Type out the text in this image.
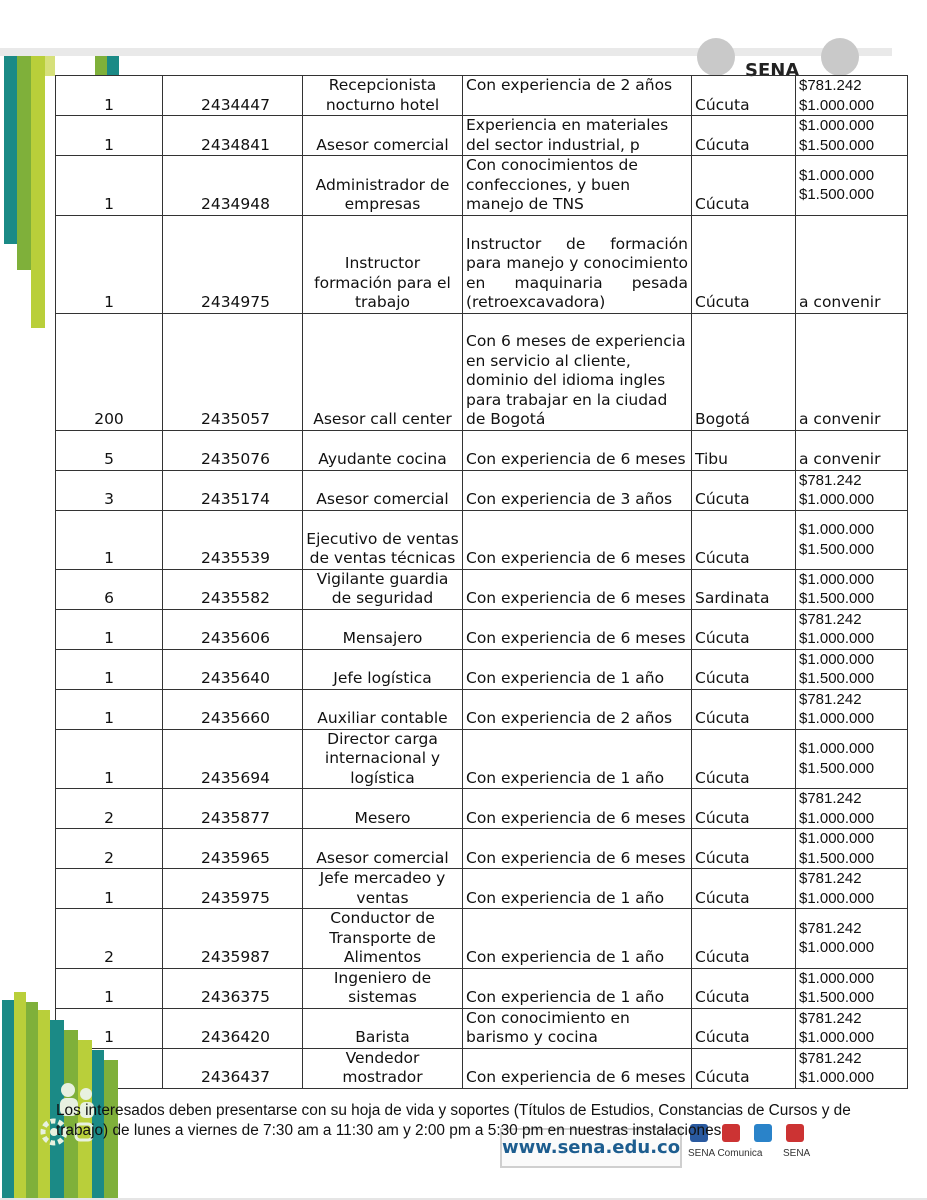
SENA
1	2434447	Recepcionista nocturno hotel	Con experiencia de 2 años	Cúcuta	$781.242
$1.000.000

1	2434841	Asesor comercial	Experiencia en materiales del sector industrial, p	Cúcuta	$1.000.000
$1.500.000

1	2434948	Administrador de empresas	Con conocimientos de confecciones, y buen manejo de TNS	Cúcuta	$1.000.000
$1.500.000

1	2434975	Instructor formación para el trabajo	Instructor de formación para manejo y conocimiento en maquinaria pesada (retroexcavadora)	Cúcuta	a convenir

200	2435057	Asesor call center	Con 6 meses de experiencia en servicio al cliente, dominio del idioma ingles para trabajar en la ciudad de Bogotá	Bogotá	a convenir

5	2435076	Ayudante cocina	Con experiencia de 6 meses	Tibu	a convenir

3	2435174	Asesor comercial	Con experiencia de 3 años	Cúcuta	$781.242
$1.000.000

1	2435539	Ejecutivo de ventas de ventas técnicas	Con experiencia de 6 meses	Cúcuta	$1.000.000
$1.500.000

6	2435582	Vigilante guardia de seguridad	Con experiencia de 6 meses	Sardinata	$1.000.000
$1.500.000

1	2435606	Mensajero	Con experiencia de 6 meses	Cúcuta	$781.242
$1.000.000

1	2435640	Jefe logística	Con experiencia de 1 año	Cúcuta	$1.000.000
$1.500.000

1	2435660	Auxiliar contable	Con experiencia de 2 años	Cúcuta	$781.242
$1.000.000

1	2435694	Director carga internacional y logística	Con experiencia de 1 año	Cúcuta	$1.000.000
$1.500.000

2	2435877	Mesero	Con experiencia de 6 meses	Cúcuta	$781.242
$1.000.000

2	2435965	Asesor comercial	Con experiencia de 6 meses	Cúcuta	$1.000.000
$1.500.000

1	2435975	Jefe mercadeo y ventas	Con experiencia de 1 año	Cúcuta	$781.242
$1.000.000

2	2435987	Conductor de Transporte de Alimentos	Con experiencia de 1 año	Cúcuta	$781.242
$1.000.000

1	2436375	Ingeniero de sistemas	Con experiencia de 1 año	Cúcuta	$1.000.000
$1.500.000

1	2436420	Barista	Con conocimiento en barismo y cocina	Cúcuta	$781.242
$1.000.000

	2436437	Vendedor mostrador	Con experiencia de 6 meses	Cúcuta	$781.242
$1.000.000
www.sena.edu.co SENA Comunica SENA
Los interesados deben presentarse con su hoja de vida y soportes (Títulos de Estudios, Constancias de Cursos y de trabajo) de lunes a viernes de 7:30 am a 11:30 am y 2:00 pm a 5:30 pm en nuestras instalaciones
